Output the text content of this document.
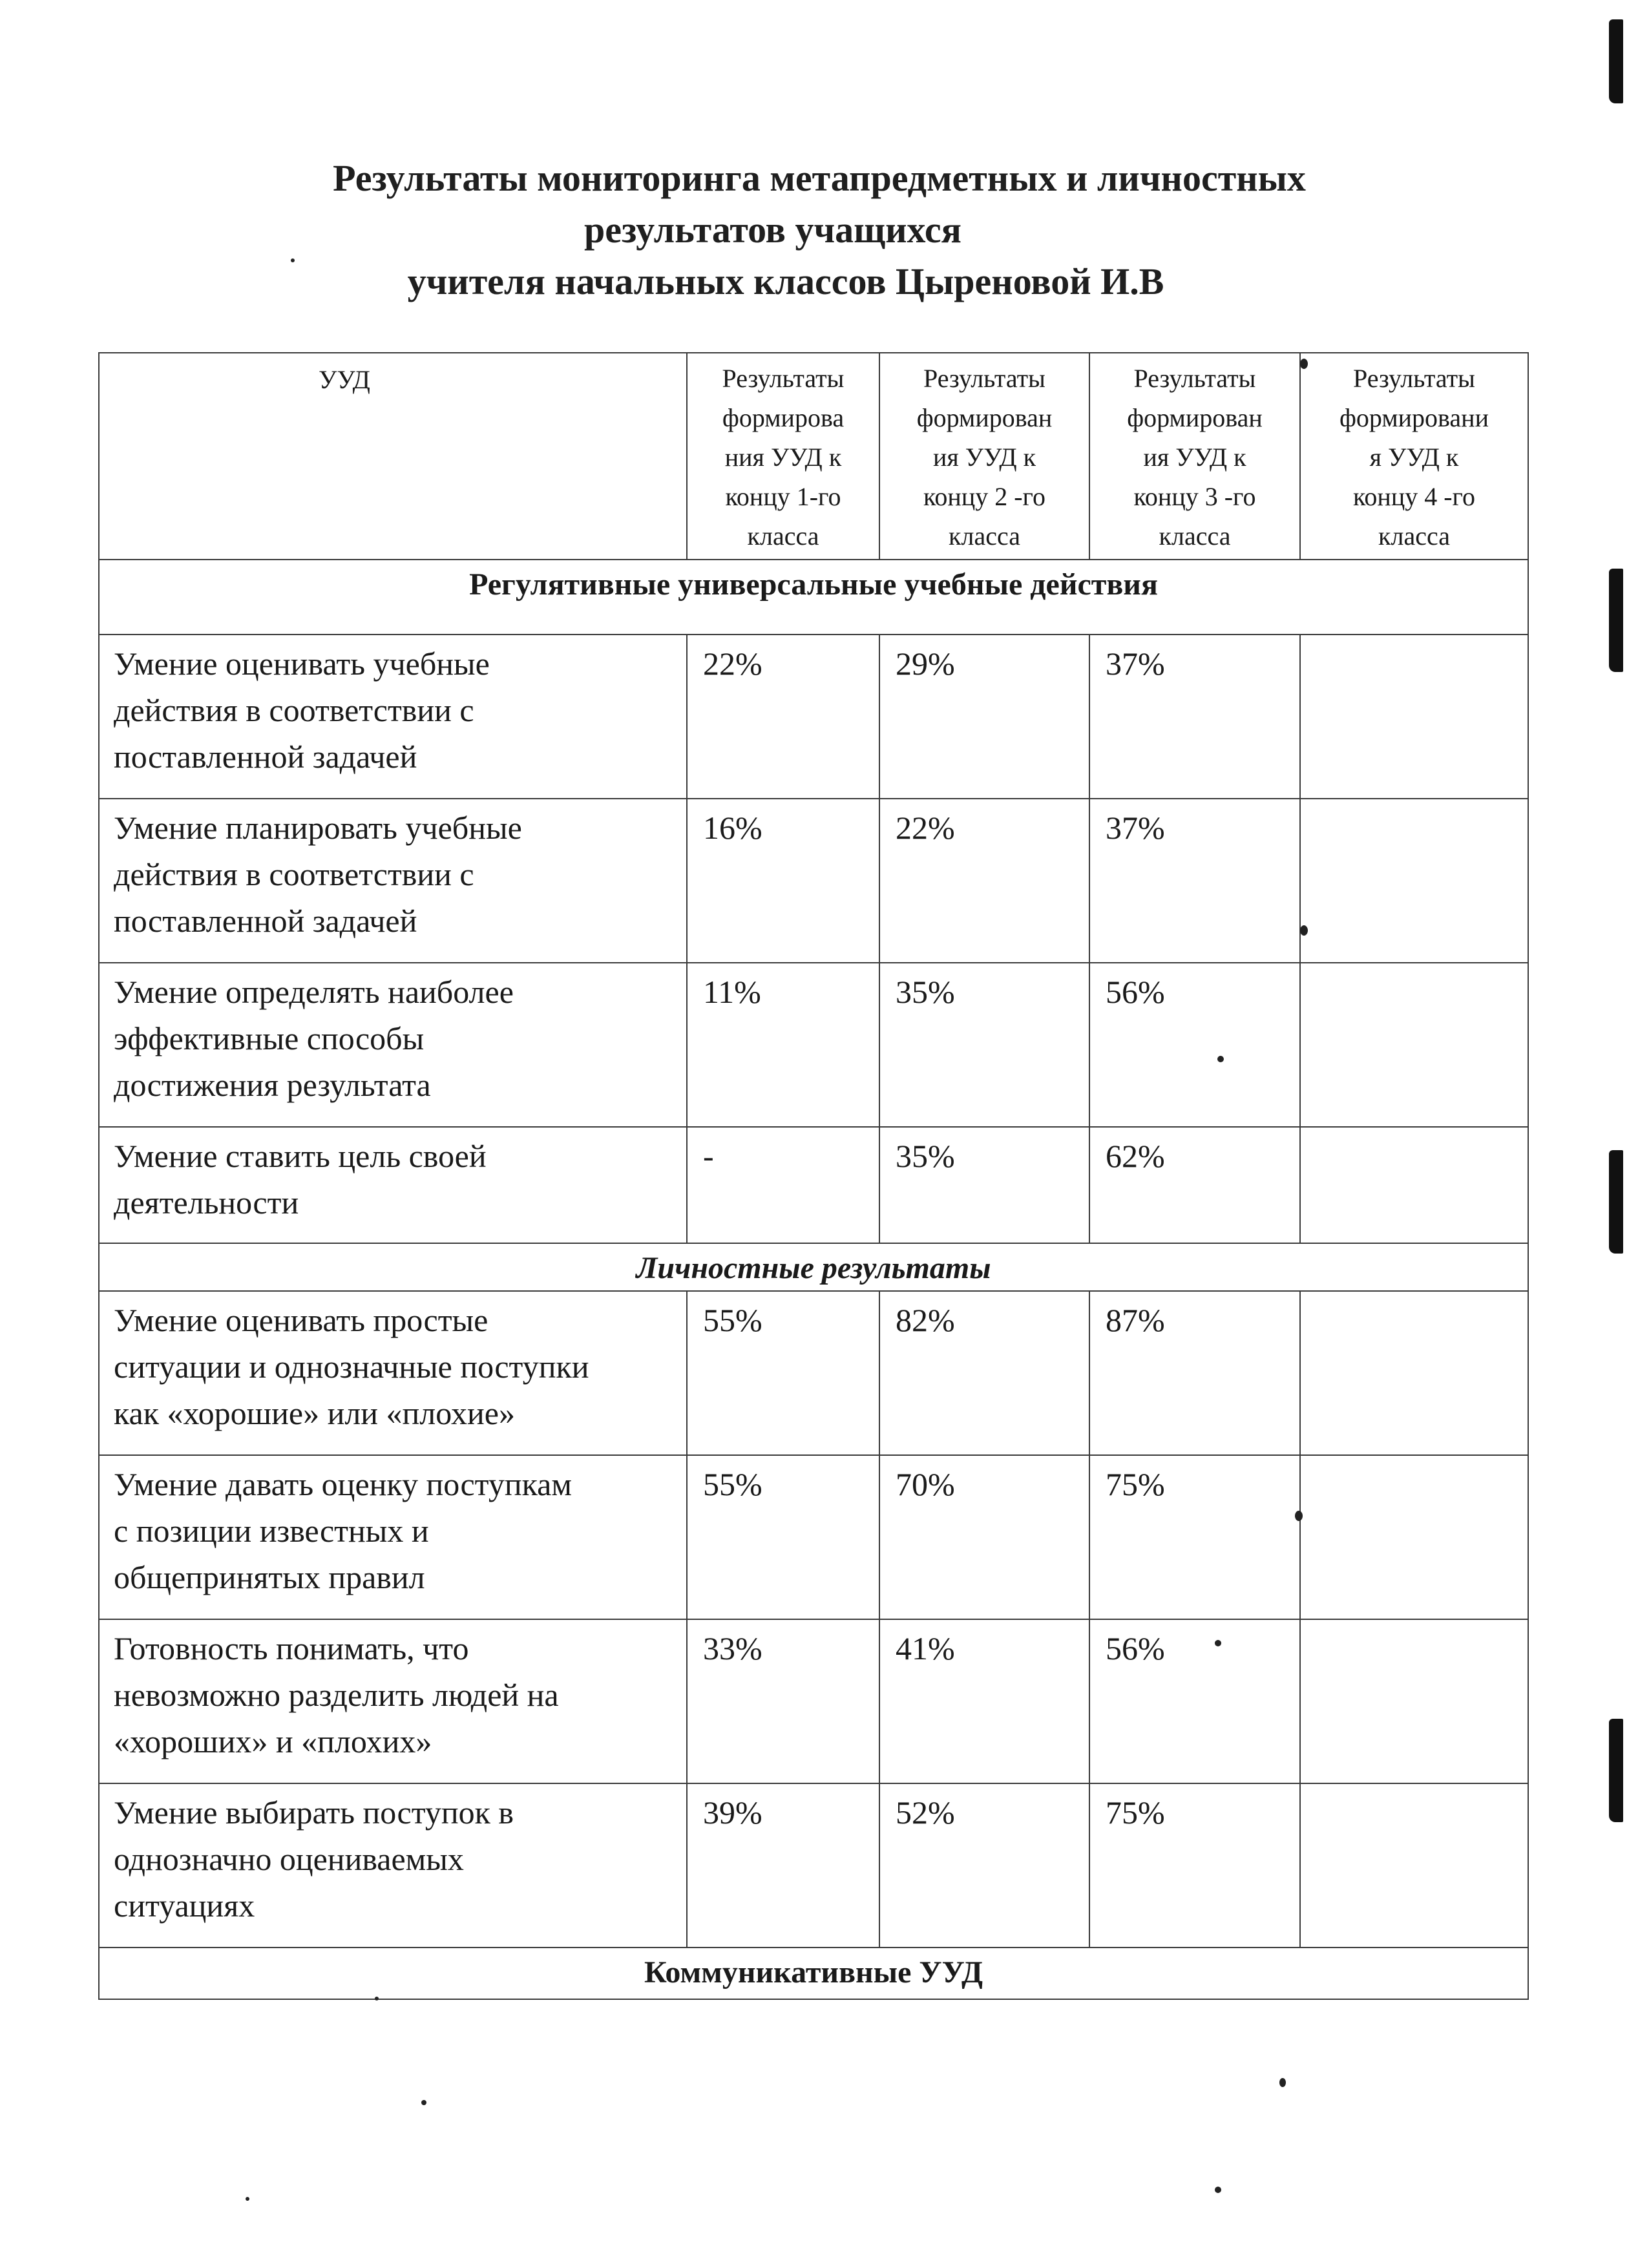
Результаты мониторинга метапредметных и личностных
результатов учащихся
учителя начальных классов Цыреновой И.В
УУД	Результаты
формирова
ния УУД к
концу 1-го
класса	Результаты
формирован
ия УУД к
концу 2 -го
класса	Результаты
формирован
ия УУД к
концу 3 -го
класса	Результаты
формировани
я УУД к
концу 4 -го
класса

Регулятивные универсальные учебные действия				

Умение оценивать учебные
действия в соответствии с
поставленной задачей	22%	29%	37%	

Умение планировать учебные
действия в соответствии с
поставленной задачей	16%	22%	37%	

Умение определять наиболее
эффективные способы
достижения результата	11%	35%	56%	

Умение ставить цель своей
деятельности	-	35%	62%	
Личностные результаты				

Умение оценивать простые
ситуации и однозначные поступки
как «хорошие» или «плохие»	55%	82%	87%	

Умение давать оценку поступкам
с позиции известных и
общепринятых правил	55%	70%	75%	

Готовность понимать, что
невозможно разделить людей на
«хороших» и «плохих»	33%	41%	56%	

Умение выбирать поступок в
однозначно оцениваемых
ситуациях	39%	52%	75%	
Коммуникативные УУД				
